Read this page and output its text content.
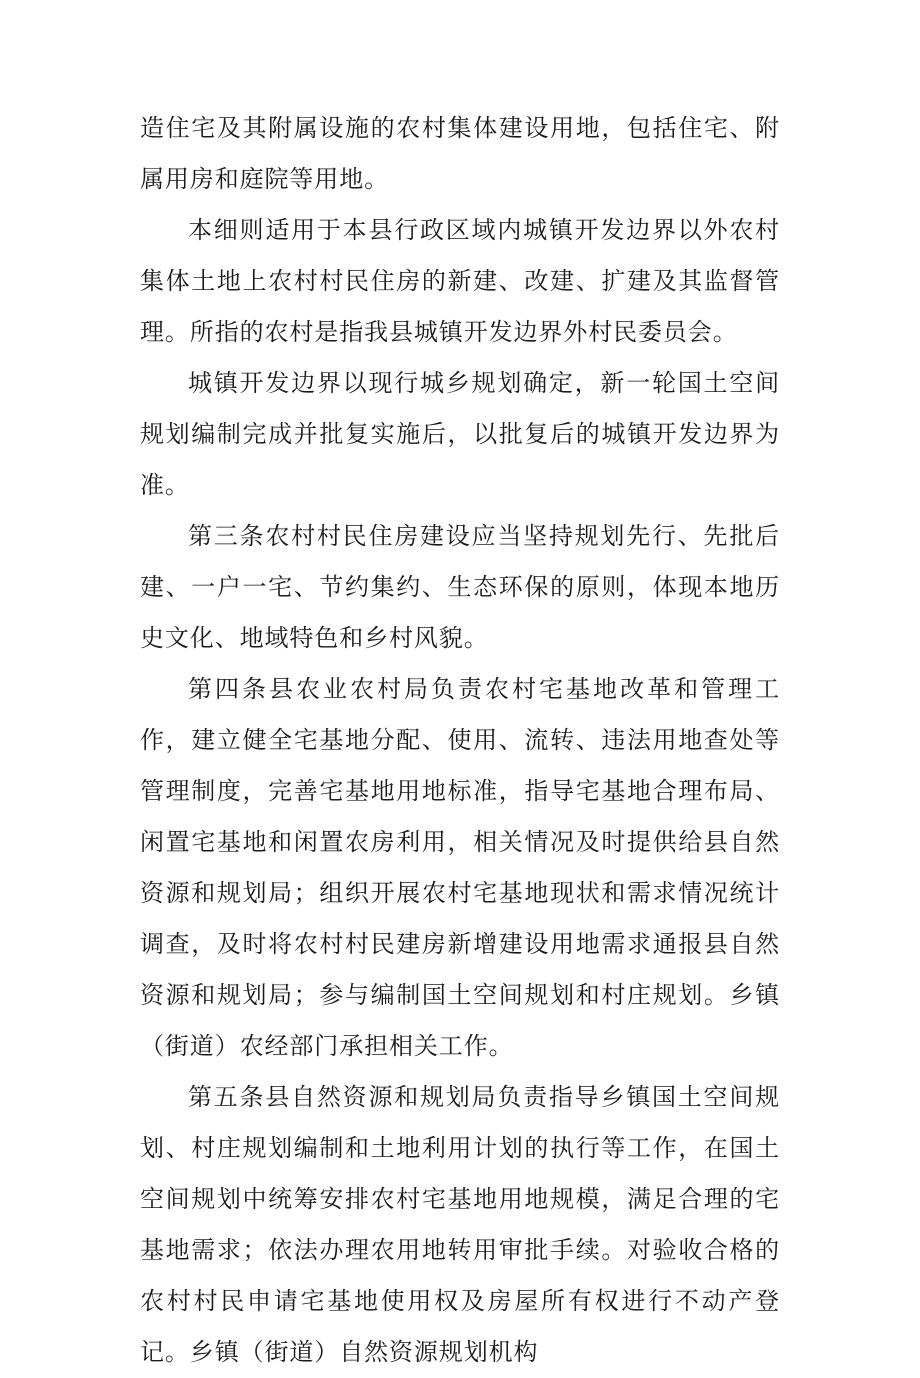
造住宅及其附属设施的农村集体建设用地，包括住宅、附属用房和庭院等用地。

本细则适用于本县行政区域内城镇开发边界以外农村集体土地上农村村民住房的新建、改建、扩建及其监督管理。所指的农村是指我县城镇开发边界外村民委员会。

城镇开发边界以现行城乡规划确定，新一轮国土空间规划编制完成并批复实施后，以批复后的城镇开发边界为准。

第三条农村村民住房建设应当坚持规划先行、先批后建、一户一宅、节约集约、生态环保的原则，体现本地历史文化、地域特色和乡村风貌。

第四条县农业农村局负责农村宅基地改革和管理工作，建立健全宅基地分配、使用、流转、违法用地查处等管理制度，完善宅基地用地标准，指导宅基地合理布局、闲置宅基地和闲置农房利用，相关情况及时提供给县自然资源和规划局；组织开展农村宅基地现状和需求情况统计调查，及时将农村村民建房新增建设用地需求通报县自然资源和规划局；参与编制国土空间规划和村庄规划。乡镇（街道）农经部门承担相关工作。

第五条县自然资源和规划局负责指导乡镇国土空间规划、村庄规划编制和土地利用计划的执行等工作，在国土空间规划中统筹安排农村宅基地用地规模，满足合理的宅基地需求；依法办理农用地转用审批手续。对验收合格的农村村民申请宅基地使用权及房屋所有权进行不动产登记。乡镇（街道）自然资源规划机构
